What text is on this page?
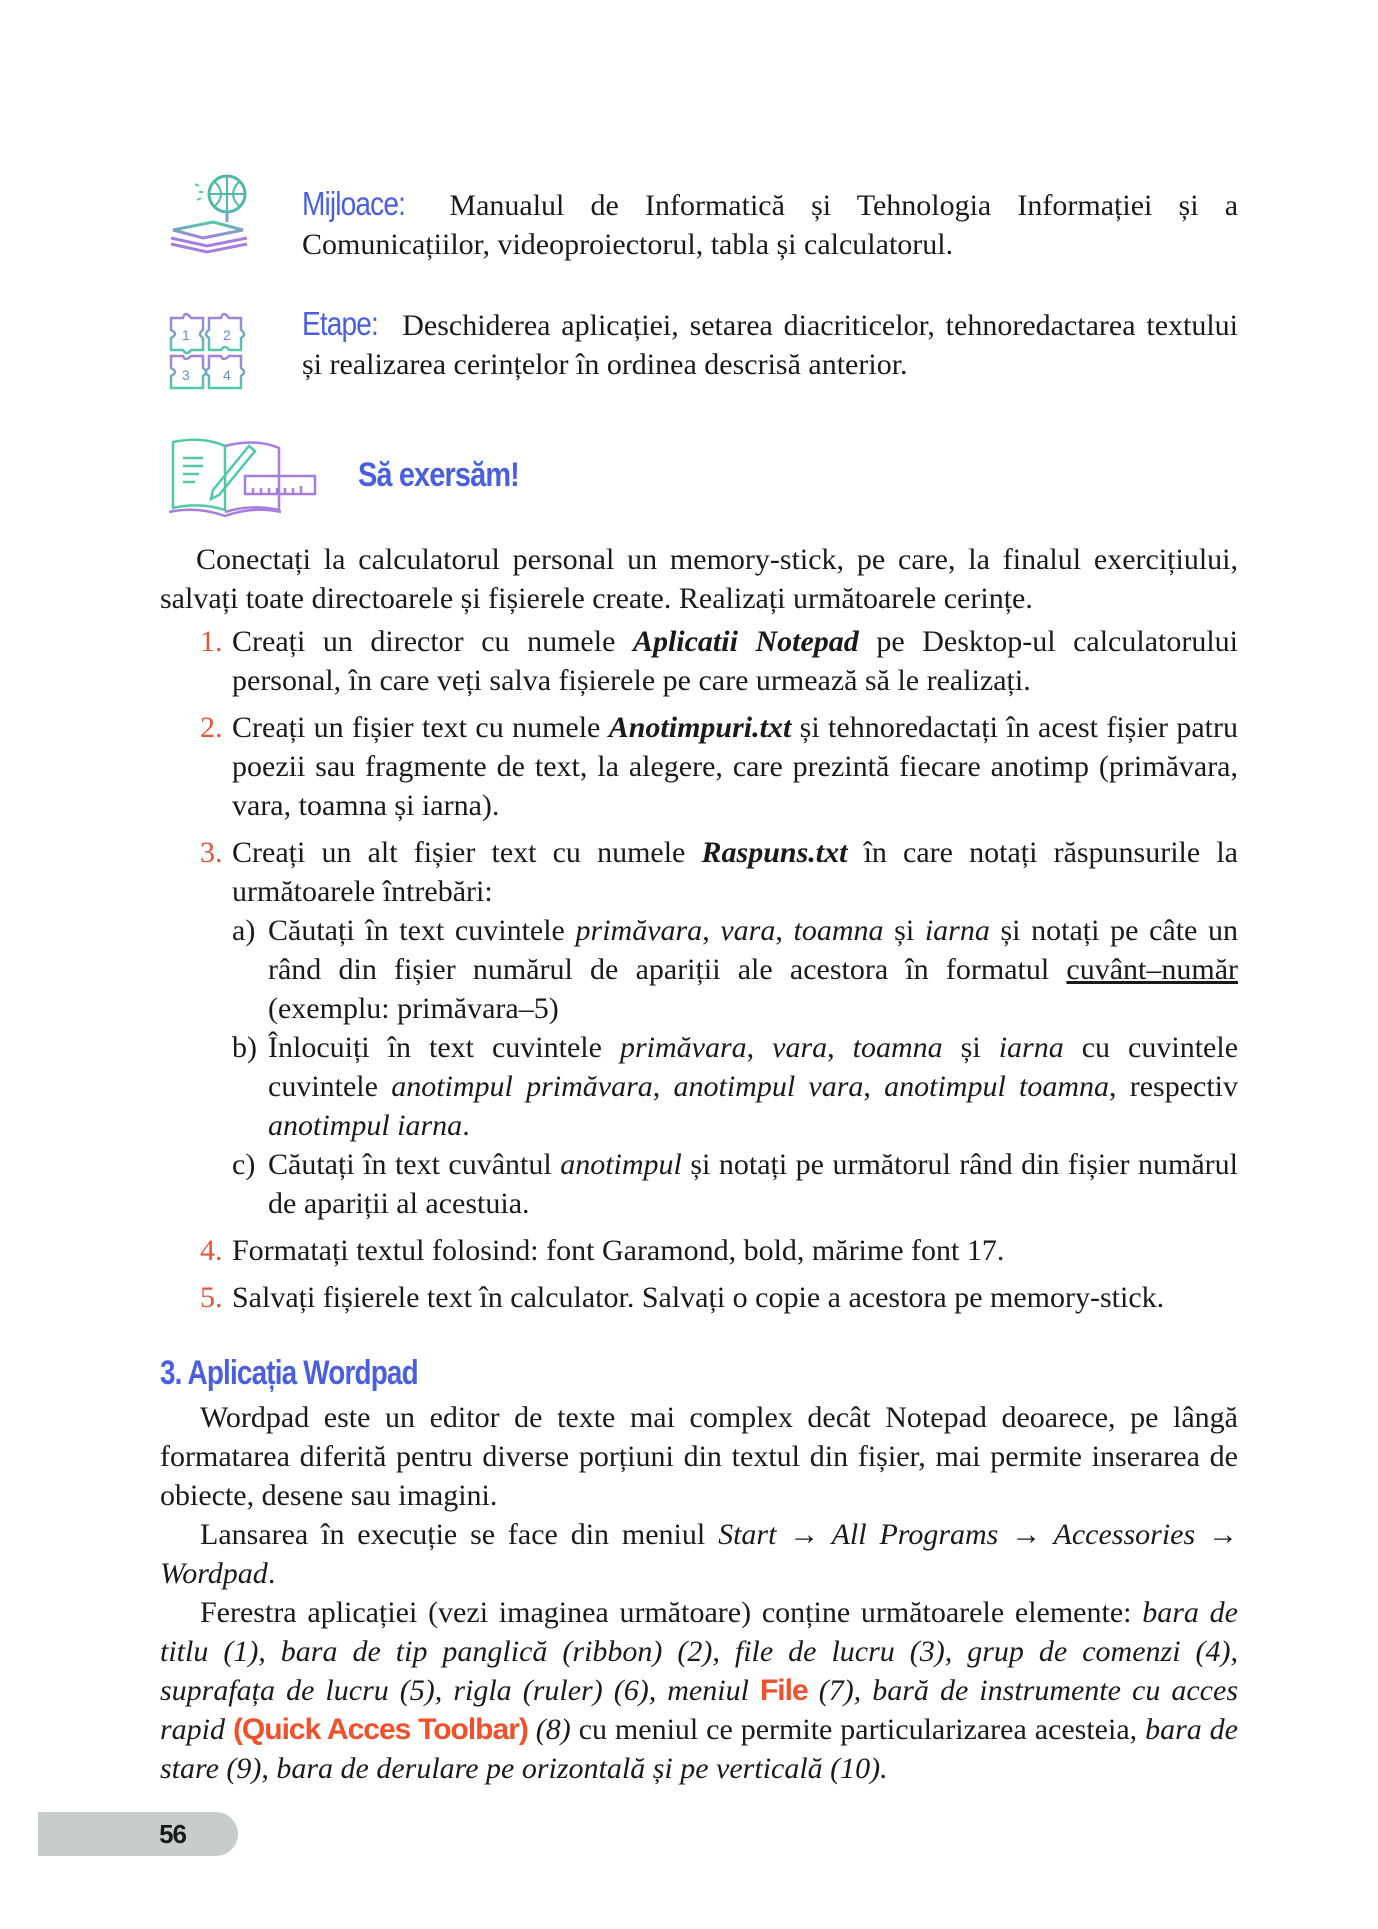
Mijloace: Manualul de Informatică și Tehnologia Informației și a Comunicațiilor, videoproiectorul, tabla și calculatorul.
1 2
3 4
Etape: Deschiderea aplicației, setarea diacriticelor, tehnoredactarea textului și realizarea cerințelor în ordinea descrisă anterior.
Să exersăm!
Conectați la calculatorul personal un memory-stick, pe care, la finalul exercițiului, salvați toate directoarele și fișierele create. Realizați următoarele cerințe.
1. Creați un director cu numele Aplicatii Notepad pe Desktop-ul calculatorului personal, în care veți salva fișierele pe care urmează să le realizați.
2. Creați un fișier text cu numele Anotimpuri.txt și tehnoredactați în acest fișier patru poezii sau fragmente de text, la alegere, care prezintă fiecare anotimp (primăvara, vara, toamna și iarna).
3. Creați un alt fișier text cu numele Raspuns.txt în care notați răspunsurile la următoarele întrebări:
a) Căutați în text cuvintele primăvara, vara, toamna și iarna și notați pe câte un rând din fișier numărul de apariții ale acestora în formatul cuvânt–număr (exemplu: primăvara–5)
b) Înlocuiți în text cuvintele primăvara, vara, toamna și iarna cu cuvintele cuvintele anotimpul primăvara, anotimpul vara, anotimpul toamna, respectiv anotimpul iarna.
c) Căutați în text cuvântul anotimpul și notați pe următorul rând din fișier numărul de apariții al acestuia.
4. Formatați textul folosind: font Garamond, bold, mărime font 17.
5. Salvați fișierele text în calculator. Salvați o copie a acestora pe memory-stick.
3. Aplicația Wordpad
Wordpad este un editor de texte mai complex decât Notepad deoarece, pe lângă formatarea diferită pentru diverse porțiuni din textul din fișier, mai permite inserarea de obiecte, desene sau imagini.
Lansarea în execuție se face din meniul Start → All Programs → Accessories → Wordpad.
Ferestra aplicației (vezi imaginea următoare) conține următoarele elemente: bara de titlu (1), bara de tip panglică (ribbon) (2), file de lucru (3), grup de comenzi (4), suprafața de lucru (5), rigla (ruler) (6), meniul File (7), bară de instrumente cu acces rapid (Quick Acces Toolbar) (8) cu meniul ce permite particularizarea acesteia, bara de stare (9), bara de derulare pe orizontală și pe verticală (10).
56
